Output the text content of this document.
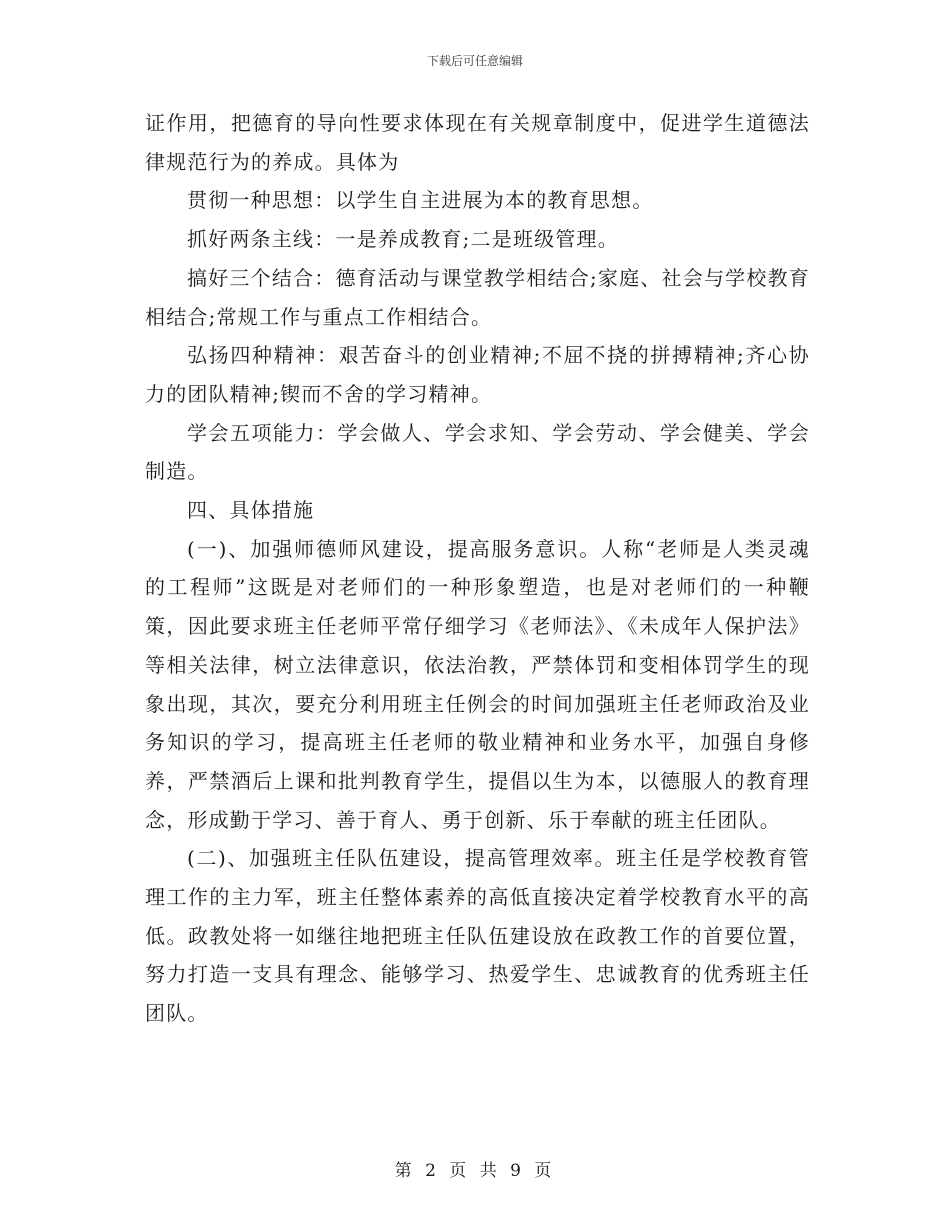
下载后可任意编辑

证作用，把德育的导向性要求体现在有关规章制度中，促进学生道德法律规范行为的养成。具体为

贯彻一种思想：以学生自主进展为本的教育思想。

抓好两条主线：一是养成教育;二是班级管理。

搞好三个结合：德育活动与课堂教学相结合;家庭、社会与学校教育相结合;常规工作与重点工作相结合。

弘扬四种精神：艰苦奋斗的创业精神;不屈不挠的拼搏精神;齐心协力的团队精神;锲而不舍的学习精神。

学会五项能力：学会做人、学会求知、学会劳动、学会健美、学会制造。

四、具体措施

(一)、加强师德师风建设，提高服务意识。人称“老师是人类灵魂的工程师”这既是对老师们的一种形象塑造，也是对老师们的一种鞭策，因此要求班主任老师平常仔细学习《老师法》、《未成年人保护法》等相关法律，树立法律意识，依法治教，严禁体罚和变相体罚学生的现象出现，其次，要充分利用班主任例会的时间加强班主任老师政治及业务知识的学习，提高班主任老师的敬业精神和业务水平，加强自身修养，严禁酒后上课和批判教育学生，提倡以生为本，以德服人的教育理念，形成勤于学习、善于育人、勇于创新、乐于奉献的班主任团队。

(二)、加强班主任队伍建设，提高管理效率。班主任是学校教育管理工作的主力军，班主任整体素养的高低直接决定着学校教育水平的高低。政教处将一如继往地把班主任队伍建设放在政教工作的首要位置，努力打造一支具有理念、能够学习、热爱学生、忠诚教育的优秀班主任团队。

第 2 页 共 9 页
